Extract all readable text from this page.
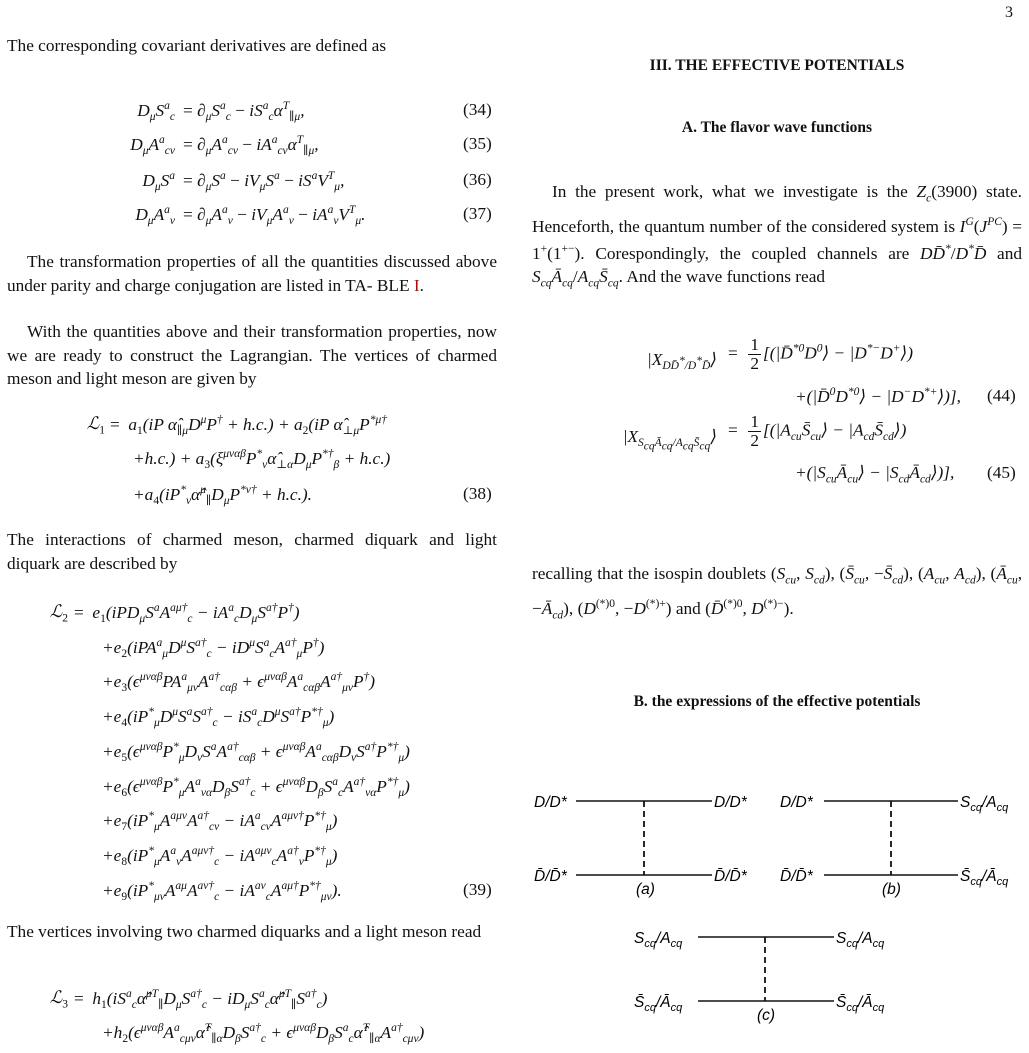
3

The corresponding covariant derivatives are defined as

$D_\mu S^a_c = \partial_\mu S^a_c - iS^a_c\alpha^T_{\parallel\mu}$,	(34)
$D_\mu A^a_{c\nu} = \partial_\mu A^a_{c\nu} - iA^a_{c\nu}\alpha^T_{\parallel\mu}$,	(35)
$D_\mu S^a = \partial_\mu S^a - iV_\mu S^a - iS^aV^T_\mu$,	(36)
$D_\mu A^a_\nu = \partial_\mu A^a_\nu - iV_\mu A^a_\nu - iA^a_\nu V^T_\mu$.	(37)

The transformation properties of all the quantities discussed above under parity and charge conjugation are listed in TA- BLE I.

With the quantities above and their transformation properties, now we are ready to construct the Lagrangian. The vertices of charmed meson and light meson are given by

ℒ$_1$ =  $a_1(iP$ $\alphâ_{\parallel\mu}D^\mu P^\dagger + h.c.) + a_2(iP$ $\alphâ_{\perp\mu}P^{*\mu\dagger}$
$+h.c.) + a_3(\xi^{\mu\nu\alpha\beta}P^*_\nu\alphâ_{\perp\alpha}D_\mu P^{*\dagger}_\beta + h.c.)$
$+a_4(iP^*_\nu\alphâ^\mu_\parallel D_\mu P^{*\nu\dagger} + h.c.)$.	(38)

The interactions of charmed meson, charmed diquark and light diquark are described by

ℒ$_2$ =  $e_1(iPD_\mu S^aA^{a\mu\dagger}_c - iA^a_cD_\mu S^{a\dagger}P^\dagger)$
$+e_2(iPA^a_\mu D^\mu S^{a\dagger}_c - iD^\mu S^a_cA^{a\dagger}_\mu P^\dagger)$
$+e_3(\epsilon^{\mu\nu\alpha\beta}PA^a_{\mu\nu}A^{a\dagger}_{c\alpha\beta} + \epsilon^{\mu\nu\alpha\beta}A^a_{c\alpha\beta}A^{a\dagger}_{\mu\nu}P^\dagger)$
$+e_4(iP^*_\mu D^\mu S^aS^{a\dagger}_c - iS^a_cD^\mu S^{a\dagger}P^{*\dagger}_\mu)$
$+e_5(\epsilon^{\mu\nu\alpha\beta}P^*_\mu D_\nu S^aA^{a\dagger}_{c\alpha\beta} + \epsilon^{\mu\nu\alpha\beta}A^a_{c\alpha\beta}D_\nu S^{a\dagger}P^{*\dagger}_\mu)$
$+e_6(\epsilon^{\mu\nu\alpha\beta}P^*_\mu A^a_{\nu\alpha}D_\beta S^{a\dagger}_c + \epsilon^{\mu\nu\alpha\beta}D_\beta S^a_cA^{a\dagger}_{\nu\alpha}P^{*\dagger}_\mu)$
$+e_7(iP^*_\mu A^{a\mu\nu}A^{a\dagger}_{c\nu} - iA^a_{c\nu}A^{a\mu\nu\dagger}P^{*\dagger}_\mu)$
$+e_8(iP^*_\mu A^a_\nu A^{a\mu\nu\dagger}_c - iA^{a\mu\nu}_cA^{a\dagger}_\nu P^{*\dagger}_\mu)$
$+e_9(iP^*_{\mu\nu}A^{a\mu}A^{a\nu\dagger}_c - iA^{a\nu}_cA^{a\mu\dagger}P^{*\dagger}_{\mu\nu})$.	(39)

The vertices involving two charmed diquarks and a light meson read

ℒ$_3$ =  $h_1(iS^a_c\alphâ^{\mu T}_\parallel D_\mu S^{a\dagger}_c$ − $iD_\mu S^a_c\alphâ^{\mu T}_\parallel S^{a\dagger}_c$)
$+h_2(\epsilon^{\mu\nu\alpha\beta}A^a_{c\mu\nu}\alphâ^T_{\parallel\alpha}D_\beta S^{a\dagger}_c$ + $\epsilon^{\mu\nu\alpha\beta}D_\beta S^a_c\alphâ^T_{\parallel\alpha}A^{a\dagger}_{c\mu\nu}$)
III. THE EFFECTIVE POTENTIALS
A. The flavor wave functions

In the present work, what we investigate is the $Z_c(3900)$ state. Henceforth, the quantum number of the considered system is $I^G(J^{PC}) = 1^+(1^{+-})$. Corespondingly, the coupled channels are DD̄*/D*D̄ and $S_{cq}Ā_{cq}/A_{cq}S̄_{cq}$. And the wave functions read

$|X_{DD̄^*/D^*D̄}⟩ = \frac{1}{2}$ [($|D̄^{*0}D^0⟩$ − |D*−D+⟩)
$+(|D̄^0D^{*0}⟩$ − |D−D*+⟩)], (44)
$|X_{S_{cq}Ā_{cq}/A_{cq}S̄_{cq}}⟩ = \frac{1}{2}$ [($|A_{cu}S̄_{cu}⟩$ − $|A_{cd}S̄_{cd}⟩$)
$+(|S_{cu}Ā_{cu}⟩$ − $|S_{cd}Ā_{cd}⟩$)], (45)

recalling that the isospin doublets ($S_{cu}$, $S_{cd}$), ($S̄_{cu}$, $-S̄_{cd}$), ($A_{cu}$, $A_{cd}$), ($Ā_{cu}$, $-Ā_{cd}$), ($D^{(*)0}$, −D(*)+) and (D̄$^{(*)0}$, D(*)−).

B. the expressions of the effective potentials
D/D*	D/D*
D̄/D̄*	D̄/D̄*
(a)
D/D*	$S_{cq}/A_{cq}$
D̄/D̄*	$S̄_{cq}/Ā_{cq}$
(b)
$S_{cq}/A_{cq}$	$S_{cq}/A_{cq}$
$S̄_{cq}/Ā_{cq}$	$S̄_{cq}/Ā_{cq}$
(c)
